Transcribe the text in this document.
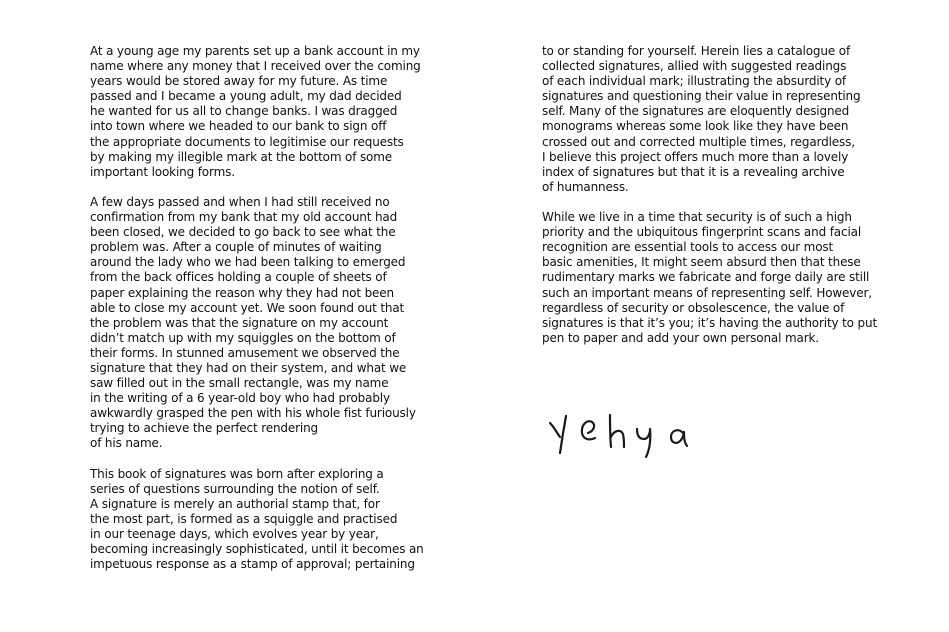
At a young age my parents set up a bank account in my
name where any money that I received over the coming
years would be stored away for my future. As time
passed and I became a young adult, my dad decided
he wanted for us all to change banks. I was dragged
into town where we headed to our bank to sign off
the appropriate documents to legitimise our requests
by making my illegible mark at the bottom of some
important looking forms.
A few days passed and when I had still received no
confirmation from my bank that my old account had
been closed, we decided to go back to see what the
problem was. After a couple of minutes of waiting
around the lady who we had been talking to emerged
from the back offices holding a couple of sheets of
paper explaining the reason why they had not been
able to close my account yet. We soon found out that
the problem was that the signature on my account
didn’t match up with my squiggles on the bottom of
their forms. In stunned amusement we observed the
signature that they had on their system, and what we
saw filled out in the small rectangle, was my name
in the writing of a 6 year-old boy who had probably
awkwardly grasped the pen with his whole fist furiously
trying to achieve the perfect rendering
of his name.
This book of signatures was born after exploring a
series of questions surrounding the notion of self.
A signature is merely an authorial stamp that, for
the most part, is formed as a squiggle and practised
in our teenage days, which evolves year by year,
becoming increasingly sophisticated, until it becomes an
impetuous response as a stamp of approval; pertaining
to or standing for yourself. Herein lies a catalogue of
collected signatures, allied with suggested readings
of each individual mark; illustrating the absurdity of
signatures and questioning their value in representing
self. Many of the signatures are eloquently designed
monograms whereas some look like they have been
crossed out and corrected multiple times, regardless,
I believe this project offers much more than a lovely
index of signatures but that it is a revealing archive
of humanness.
While we live in a time that security is of such a high
priority and the ubiquitous fingerprint scans and facial
recognition are essential tools to access our most
basic amenities, It might seem absurd then that these
rudimentary marks we fabricate and forge daily are still
such an important means of representing self. However,
regardless of security or obsolescence, the value of
signatures is that it’s you; it’s having the authority to put
pen to paper and add your own personal mark.
